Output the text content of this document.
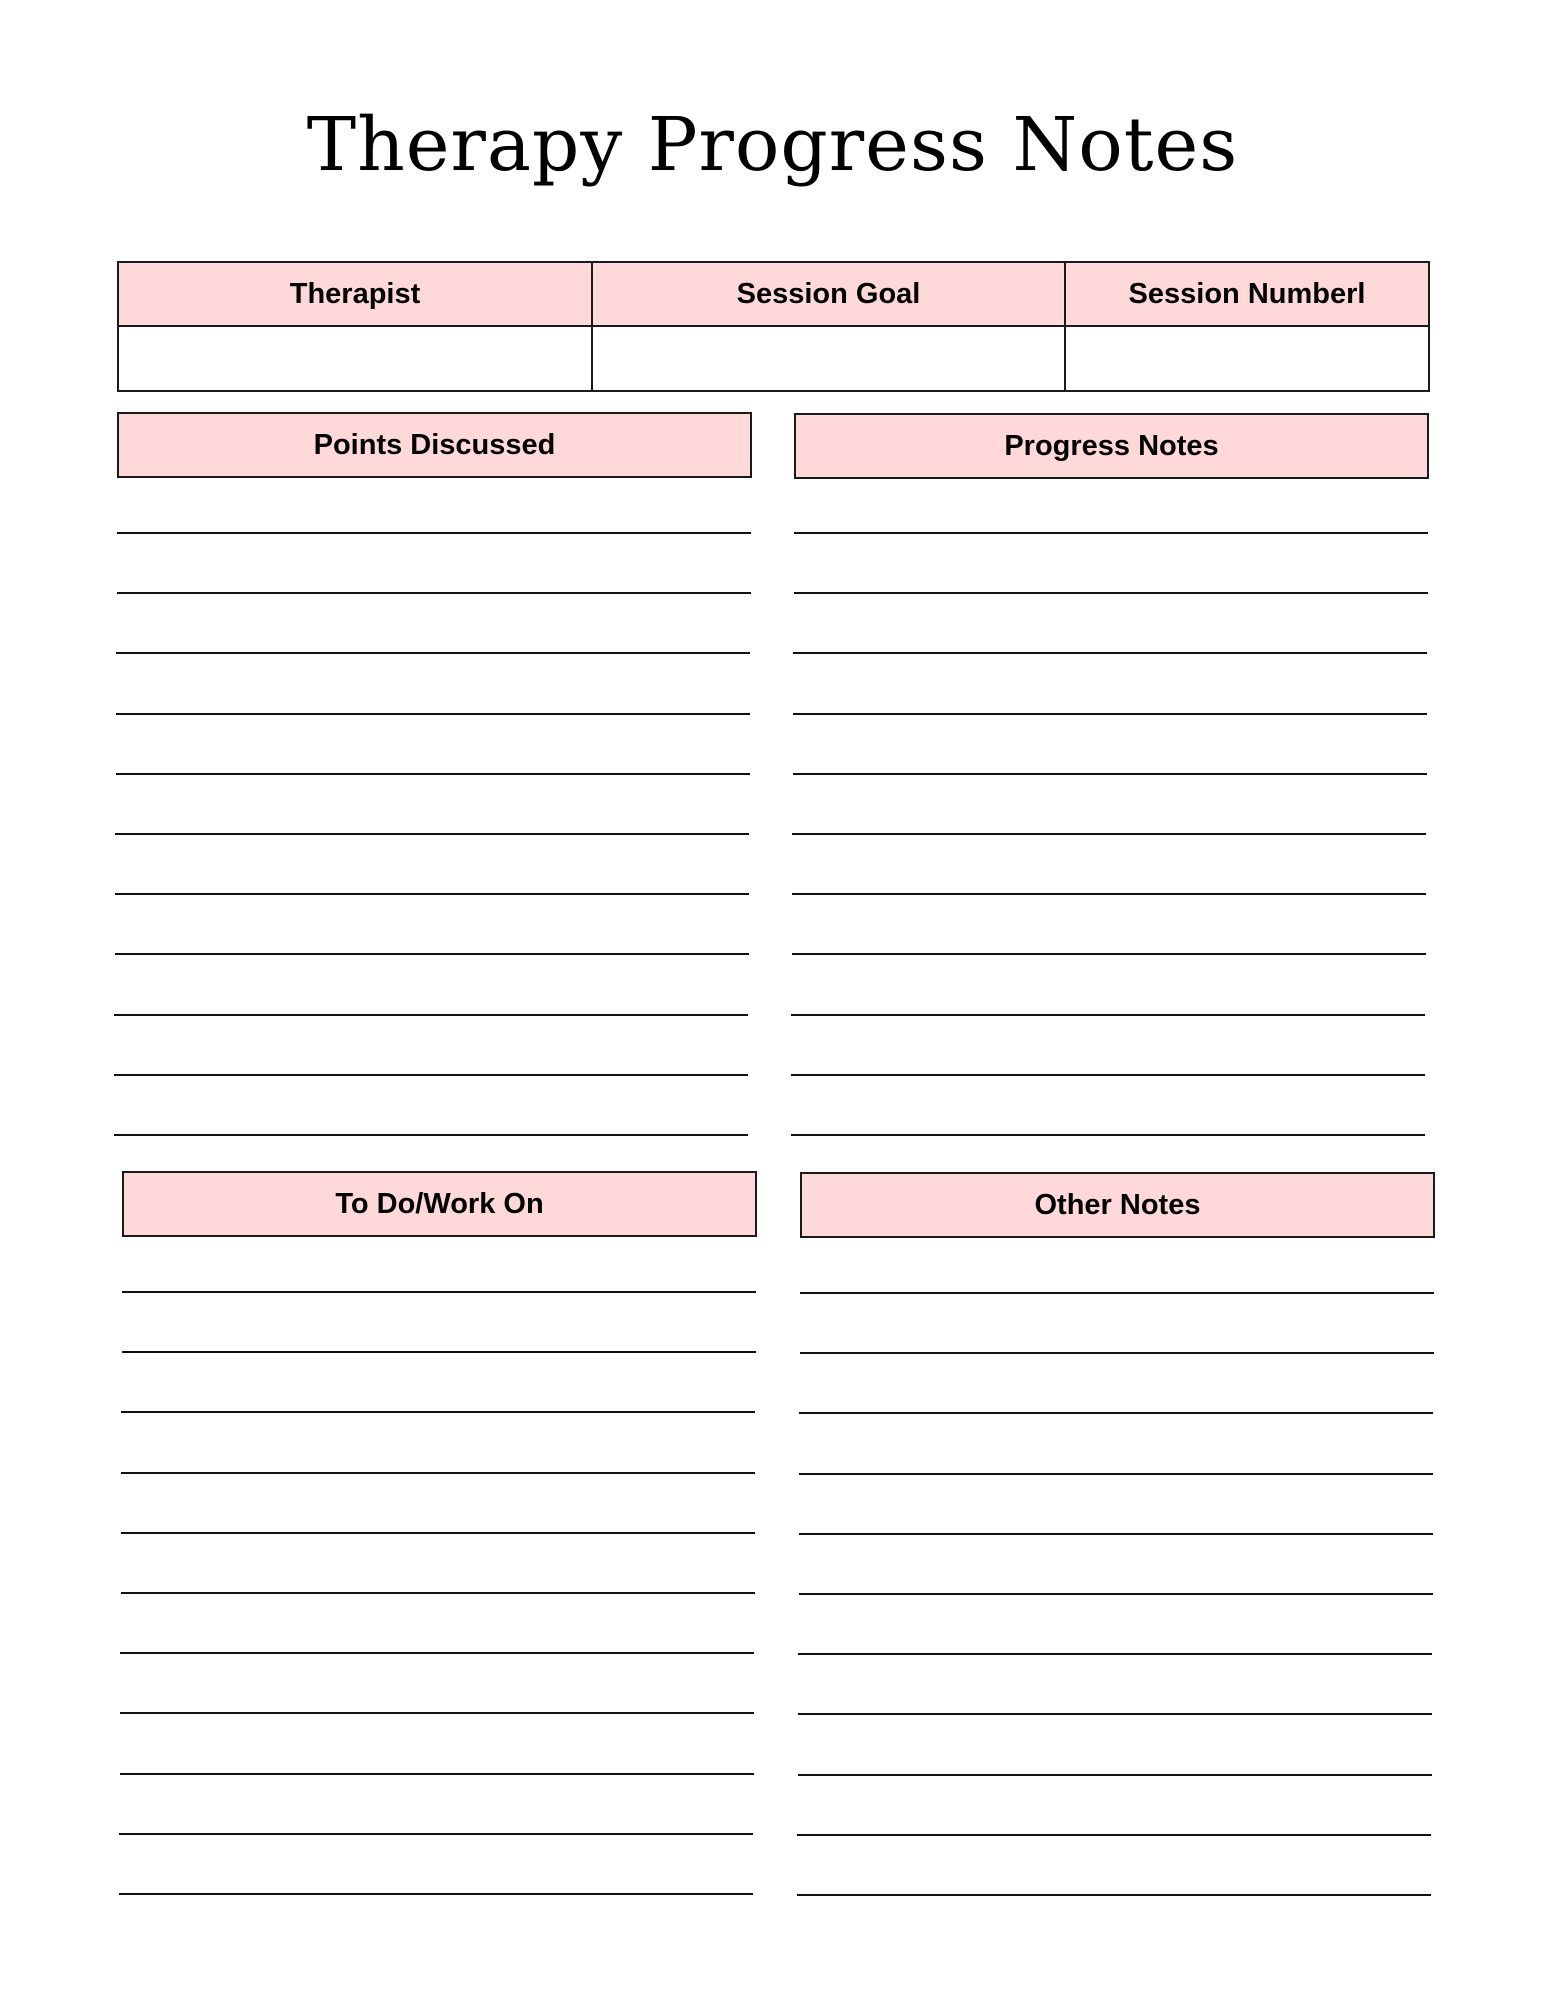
Therapy Progress Notes
Therapist	Session Goal	Session Numberl

Points Discussed	Progress Notes
To Do/Work On	Other Notes
